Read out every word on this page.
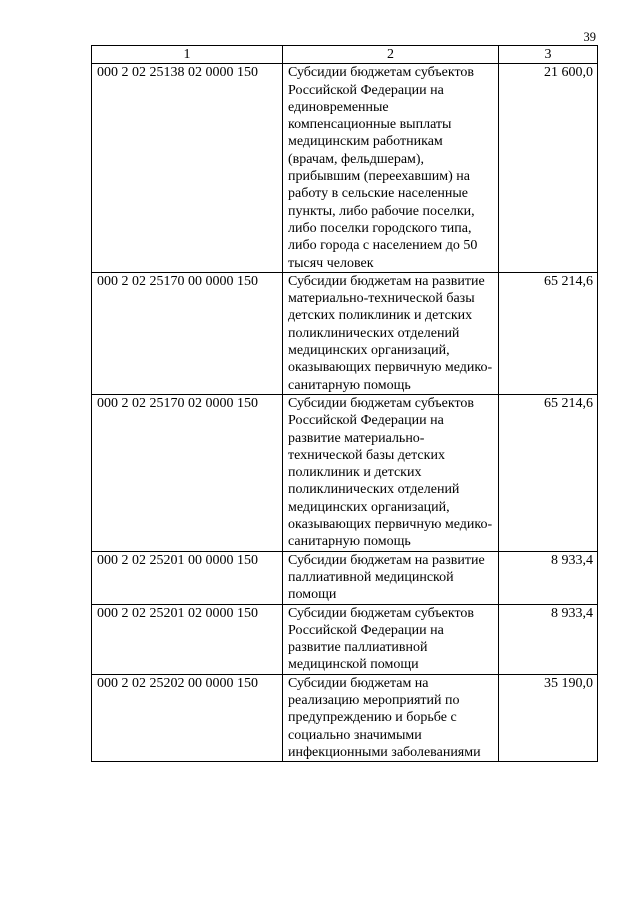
39
1	2	3
000 2 02 25138 02 0000 150	Субсидии бюджетам субъектов Российской Федерации на единовременные компенсационные выплаты медицинским работникам (врачам, фельдшерам), прибывшим (переехавшим) на работу в сельские населенные пункты, либо рабочие поселки, либо поселки городского типа, либо города с населением до 50 тысяч человек	21 600,0
000 2 02 25170 00 0000 150	Субсидии бюджетам на развитие материально-технической базы детских поликлиник и детских поликлинических отделений медицинских организаций, оказывающих первичную медико-санитарную помощь	65 214,6
000 2 02 25170 02 0000 150	Субсидии бюджетам субъектов Российской Федерации на развитие материально-технической базы детских поликлиник и детских поликлинических отделений медицинских организаций, оказывающих первичную медико-санитарную помощь	65 214,6
000 2 02 25201 00 0000 150	Субсидии бюджетам на развитие паллиативной медицинской помощи	8 933,4
000 2 02 25201 02 0000 150	Субсидии бюджетам субъектов Российской Федерации на развитие паллиативной медицинской помощи	8 933,4
000 2 02 25202 00 0000 150	Субсидии бюджетам на реализацию мероприятий по предупреждению и борьбе с социально значимыми инфекционными заболеваниями	35 190,0
